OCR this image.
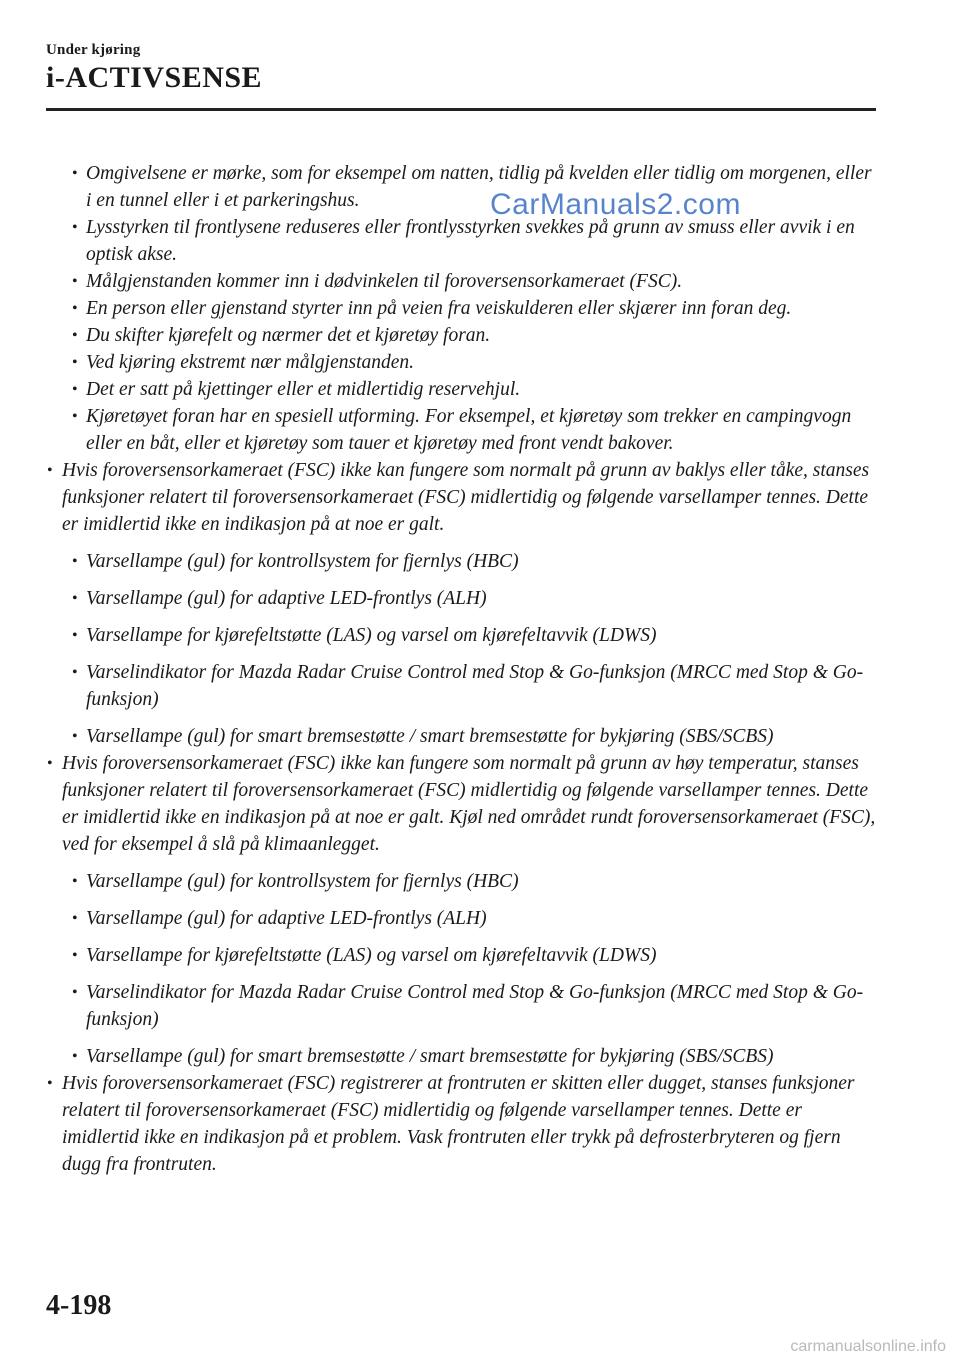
Under kjøring
i-ACTIVSENSE

• Omgivelsene er mørke, som for eksempel om natten, tidlig på kvelden eller tidlig om morgenen, eller i en tunnel eller i et parkeringshus.

• Lysstyrken til frontlysene reduseres eller frontlysstyrken svekkes på grunn av smuss eller avvik i en optisk akse.

• Målgjenstanden kommer inn i dødvinkelen til foroversensorkameraet (FSC).

• En person eller gjenstand styrter inn på veien fra veiskulderen eller skjærer inn foran deg.

• Du skifter kjørefelt og nærmer det et kjøretøy foran.

• Ved kjøring ekstremt nær målgjenstanden.

• Det er satt på kjettinger eller et midlertidig reservehjul.

• Kjøretøyet foran har en spesiell utforming. For eksempel, et kjøretøy som trekker en campingvogn eller en båt, eller et kjøretøy som tauer et kjøretøy med front vendt bakover.

• Hvis foroversensorkameraet (FSC) ikke kan fungere som normalt på grunn av baklys eller tåke, stanses funksjoner relatert til foroversensorkameraet (FSC) midlertidig og følgende varsellamper tennes. Dette er imidlertid ikke en indikasjon på at noe er galt.

• Varsellampe (gul) for kontrollsystem for fjernlys (HBC)

• Varsellampe (gul) for adaptive LED-frontlys (ALH)

• Varsellampe for kjørefeltstøtte (LAS) og varsel om kjørefeltavvik (LDWS)

• Varselindikator for Mazda Radar Cruise Control med Stop & Go-funksjon (MRCC med Stop & Go-funksjon)

• Varsellampe (gul) for smart bremsestøtte / smart bremsestøtte for bykjøring (SBS/SCBS)

• Hvis foroversensorkameraet (FSC) ikke kan fungere som normalt på grunn av høy temperatur, stanses funksjoner relatert til foroversensorkameraet (FSC) midlertidig og følgende varsellamper tennes. Dette er imidlertid ikke en indikasjon på at noe er galt. Kjøl ned området rundt foroversensorkameraet (FSC), ved for eksempel å slå på klimaanlegget.

• Varsellampe (gul) for kontrollsystem for fjernlys (HBC)

• Varsellampe (gul) for adaptive LED-frontlys (ALH)

• Varsellampe for kjørefeltstøtte (LAS) og varsel om kjørefeltavvik (LDWS)

• Varselindikator for Mazda Radar Cruise Control med Stop & Go-funksjon (MRCC med Stop & Go-funksjon)

• Varsellampe (gul) for smart bremsestøtte / smart bremsestøtte for bykjøring (SBS/SCBS)

• Hvis foroversensorkameraet (FSC) registrerer at frontruten er skitten eller dugget, stanses funksjoner relatert til foroversensorkameraet (FSC) midlertidig og følgende varsellamper tennes. Dette er imidlertid ikke en indikasjon på et problem. Vask frontruten eller trykk på defrosterbryteren og fjern dugg fra frontruten.

CarManuals2.com
4-198
carmanualsonline.info
